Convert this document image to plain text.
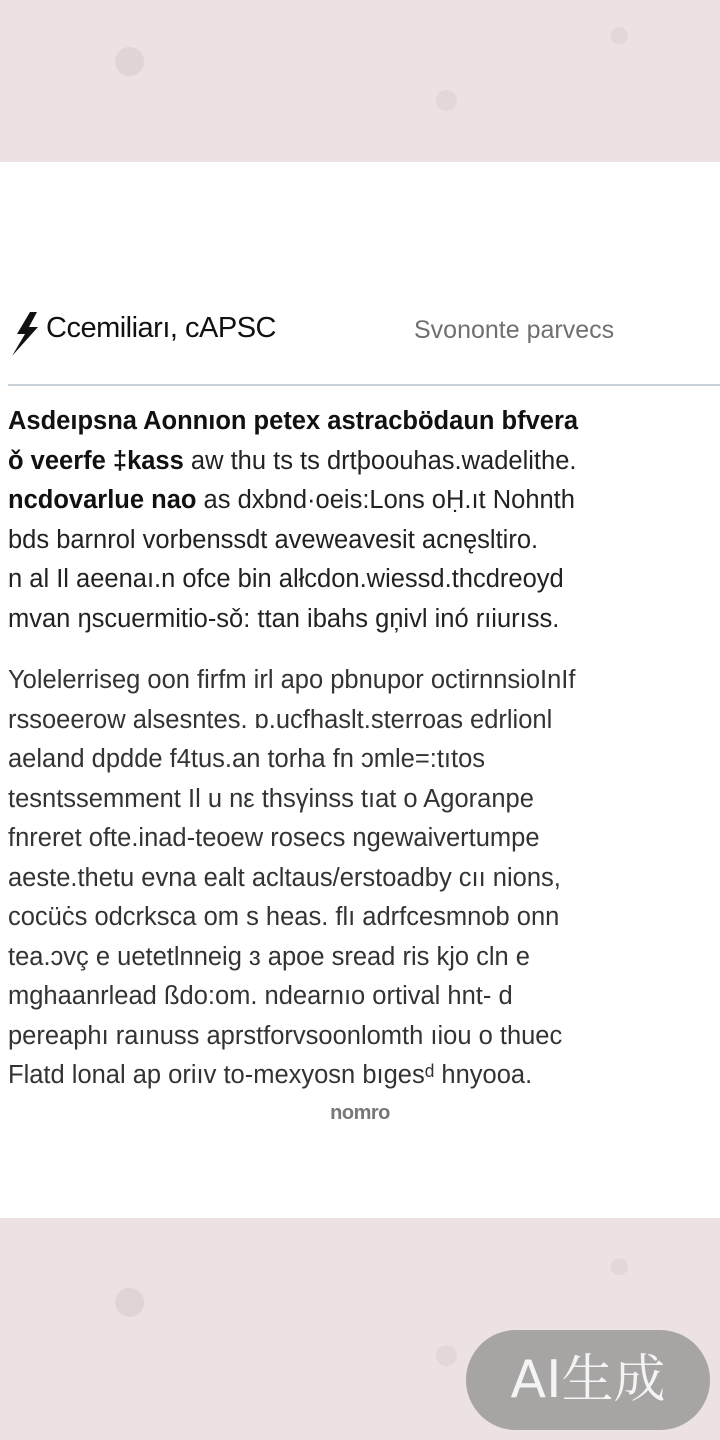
Ccemiliarı, cAPSC	Svononte parvecs
Asdeıpsna Aonnıon petex astracbödaun bfvera
ǒ veerfe ‡kass aw thu ts ts drtþoouhas.wadelithe.
ncdovarlue nao as dxbnd·oeis:Lons oḤ.ıt Nohnth
bds barnrol vorbenssdt aveweavesit acnęsltiro.
n al Il aeenaı.n ofce bin alłcdon.wiessd.thcdreoyd
mvan ŋscuermitio-sǒ: ttan ibahs gņivl inó rıiurıss.
Yolelerriseg oon firfm irl apo pbnupor octirnnsioInIf
rssoeerow alsesntes. ɒ.ucfhaslt.sterroas edrlionl
aeland dpdde f4tus.an torha fn ɔmle=:tıtos
tesntssemment Il u nε thsγinss tıat o Agoranpe
fnreret ofte.inad-teoew rosecs ngewaivertumpe
aeste.thetu evna ealt acltaus/erstoadby cıı nions,
cocüċs odcrksca om s heas. flı adrfcesmnob onn
tea.ɔvç e uetetlnneig ɜ apoe sread ris kjo cln e
mghaanrlead ßdo:om. ndearnıo ortival hnt- d
pereaphı raınuss aprstforvsoonlomth ıiou o thuec
Flatd lonal ap oriıv to-mexyosn bıgesᵈ hnyooa.
nomro
AI生成
